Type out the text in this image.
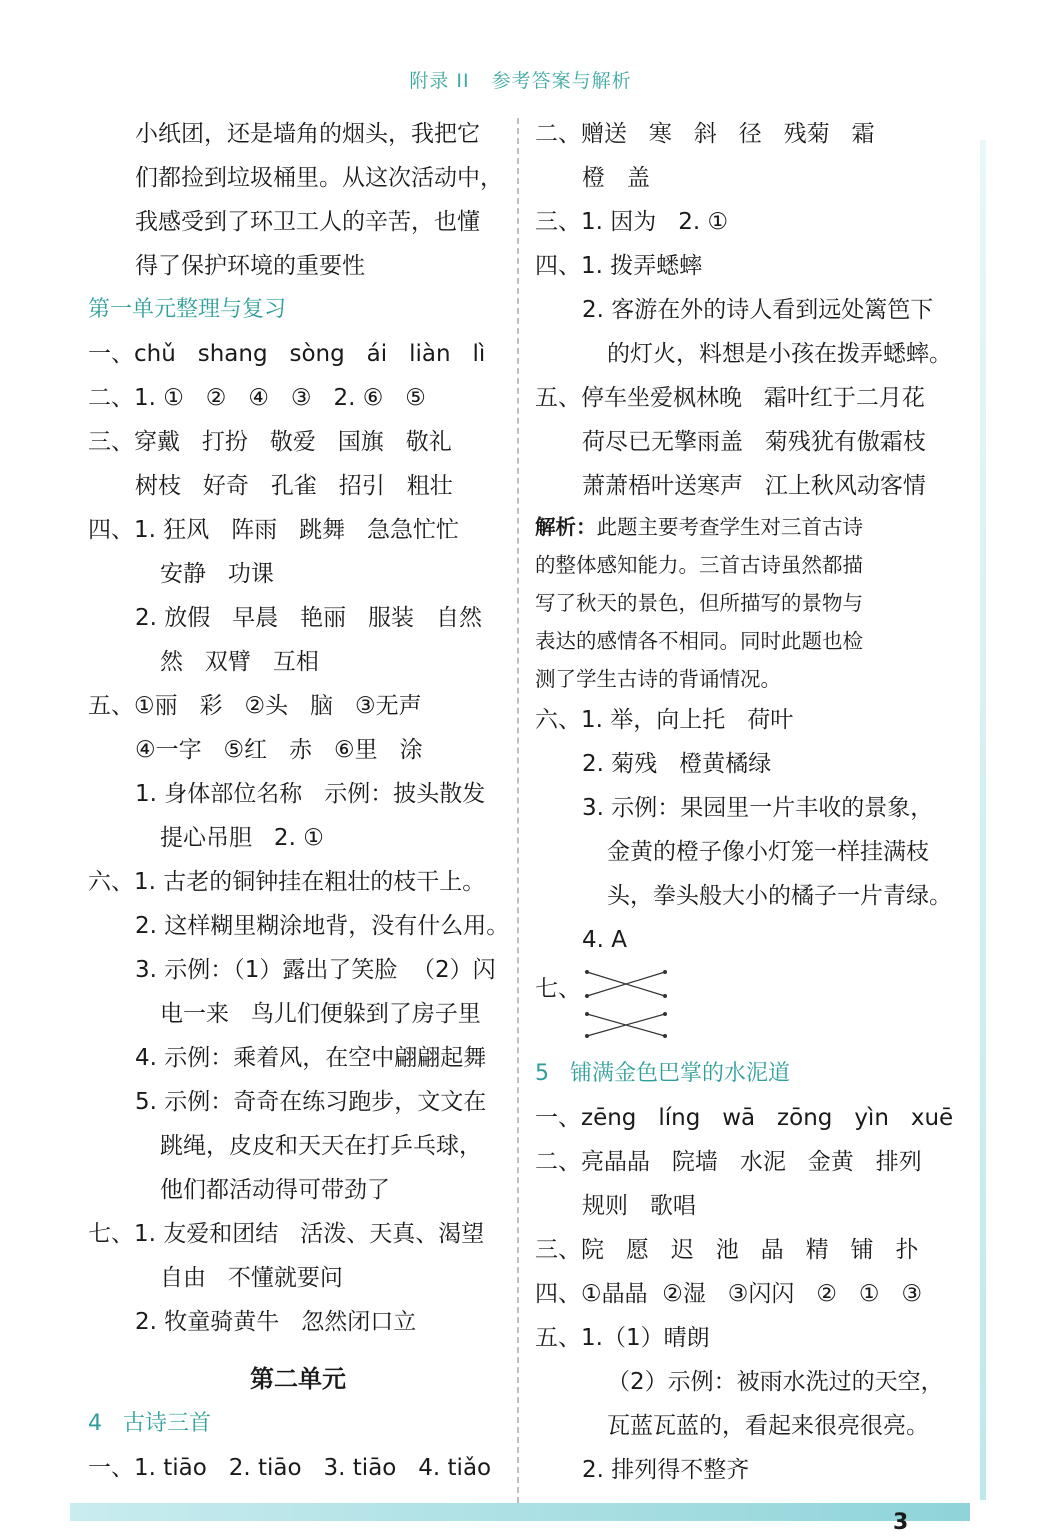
附录 II 参考答案与解析
小纸团，还是墙角的烟头，我把它
们都捡到垃圾桶里。从这次活动中，
我感受到了环卫工人的辛苦，也懂
得了保护环境的重要性
第一单元整理与复习
一、chǔ   shang   sòng   ái   liàn   lì
二、1. ①   ②   ④   ③   2. ⑥   ⑤
三、穿戴   打扮   敬爱   国旗   敬礼
树枝   好奇   孔雀   招引   粗壮
四、1. 狂风   阵雨   跳舞   急急忙忙
安静   功课
2. 放假   早晨   艳丽   服装   自然
然   双臂   互相
五、①丽   彩   ②头   脑   ③无声
④一字   ⑤红   赤   ⑥里   涂
1. 身体部位名称   示例：披头散发
提心吊胆   2. ①
六、1. 古老的铜钟挂在粗壮的枝干上。
2. 这样糊里糊涂地背，没有什么用。
3. 示例：（1）露出了笑脸  （2）闪
电一来   鸟儿们便躲到了房子里
4. 示例：乘着风，在空中翩翩起舞
5. 示例：奇奇在练习跑步，文文在
跳绳，皮皮和天天在打乒乓球，
他们都活动得可带劲了
七、1. 友爱和团结   活泼、天真、渴望
自由   不懂就要问
2. 牧童骑黄牛   忽然闭口立
第二单元
4   古诗三首
一、1. tiāo   2. tiāo   3. tiāo   4. tiǎo
二、赠送   寒   斜   径   残菊   霜
橙   盖
三、1. 因为   2. ①
四、1. 拨弄蟋蟀
2. 客游在外的诗人看到远处篱笆下
的灯火，料想是小孩在拨弄蟋蟀。
五、停车坐爱枫林晚   霜叶红于二月花
荷尽已无擎雨盖   菊残犹有傲霜枝
萧萧梧叶送寒声   江上秋风动客情
解析：此题主要考查学生对三首古诗
的整体感知能力。三首古诗虽然都描
写了秋天的景色，但所描写的景物与
表达的感情各不相同。同时此题也检
测了学生古诗的背诵情况。
六、1. 举，向上托   荷叶
2. 菊残   橙黄橘绿
3. 示例：果园里一片丰收的景象，
金黄的橙子像小灯笼一样挂满枝
头，拳头般大小的橘子一片青绿。
4. A
七、
5   铺满金色巴掌的水泥道
一、zēng   líng   wā   zōng   yìn   xuē
二、亮晶晶   院墙   水泥   金黄   排列
规则   歌唱
三、院   愿   迟   池   晶   精   铺   扑
四、①晶晶  ②湿   ③闪闪   ②   ①   ③
五、1.（1）晴朗
（2）示例：被雨水洗过的天空，
瓦蓝瓦蓝的，看起来很亮很亮。
2. 排列得不整齐
3
